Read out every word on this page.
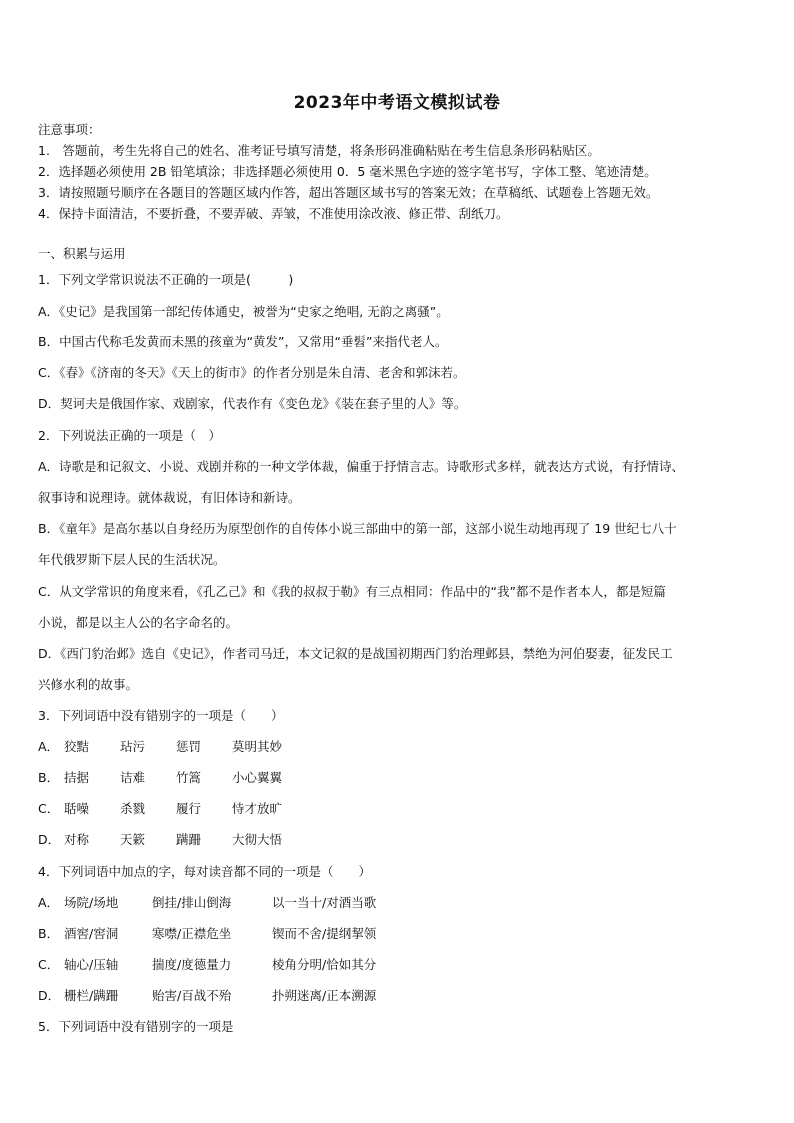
2023年中考语文模拟试卷
注意事项：
1.　答题前，考生先将自己的姓名、准考证号填写清楚，将条形码准确粘贴在考生信息条形码粘贴区。
2．选择题必须使用 2B 铅笔填涂；非选择题必须使用 0．5 毫米黑色字迹的签字笔书写，字体工整、笔迹清楚。
3．请按照题号顺序在各题目的答题区域内作答，超出答题区域书写的答案无效；在草稿纸、试题卷上答题无效。
4．保持卡面清洁，不要折叠，不要弄破、弄皱，不准使用涂改液、修正带、刮纸刀。
一、积累与运用
1．下列文学常识说法不正确的一项是(　　　)
A．《史记》是我国第一部纪传体通史，被誉为“史家之绝唱, 无韵之离骚”。
B．中国古代称毛发黄而未黑的孩童为“黄发”，又常用“垂髫”来指代老人。
C．《春》《济南的冬天》《天上的街市》的作者分别是朱自清、老舍和郭沫若。
D．契诃夫是俄国作家、戏剧家，代表作有《变色龙》《装在套子里的人》等。
2．下列说法正确的一项是（　）
A．诗歌是和记叙文、小说、戏剧并称的一种文学体裁，偏重于抒情言志。诗歌形式多样，就表达方式说，有抒情诗、
叙事诗和说理诗。就体裁说，有旧体诗和新诗。
B．《童年》是高尔基以自身经历为原型创作的自传体小说三部曲中的第一部，这部小说生动地再现了 19 世纪七八十
年代俄罗斯下层人民的生活状况。
C．从文学常识的角度来看，《孔乙己》和《我的叔叔于勒》有三点相同：作品中的“我”都不是作者本人，都是短篇
小说，都是以主人公的名字命名的。
D．《西门豹治邺》选自《史记》，作者司马迁，本文记叙的是战国初期西门豹治理邺县，禁绝为河伯娶妻，征发民工
兴修水利的故事。
3．下列词语中没有错别字的一项是（　　）
A． 狡黠 玷污 惩罚 莫明其妙
B． 拮据 诘难 竹篙 小心翼翼
C． 聒噪 杀戮 履行 恃才放旷
D． 对称 天簌 蹒跚 大彻大悟
4．下列词语中加点的字，每对读音都不同的一项是（　　）
A． 场院/场地	倒挂/排山倒海	以一当十/对酒当歌
B． 酒窖/窖洞	寒噤/正襟危坐	锲而不舍/提纲挈领
C． 轴心/压轴	揣度/度德量力	棱角分明/恰如其分
D． 栅栏/蹒跚	贻害/百战不殆	扑朔迷离/正本溯源
5．下列词语中没有错别字的一项是
